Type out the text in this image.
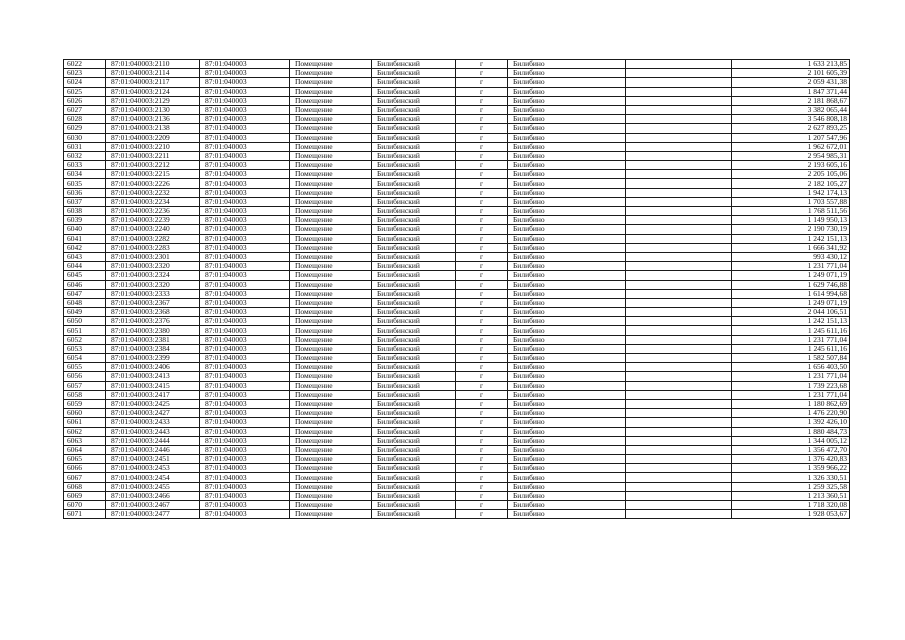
6022	87:01:040003:2110	87:01:040003	Помещение	Билибинский	г	Билибино		1 633 213,85
6023	87:01:040003:2114	87:01:040003	Помещение	Билибинский	г	Билибино		2 101 605,39
6024	87:01:040003:2117	87:01:040003	Помещение	Билибинский	г	Билибино		2 059 431,38
6025	87:01:040003:2124	87:01:040003	Помещение	Билибинский	г	Билибино		1 847 371,44
6026	87:01:040003:2129	87:01:040003	Помещение	Билибинский	г	Билибино		2 181 868,67
6027	87:01:040003:2130	87:01:040003	Помещение	Билибинский	г	Билибино		3 382 065,44
6028	87:01:040003:2136	87:01:040003	Помещение	Билибинский	г	Билибино		3 546 808,18
6029	87:01:040003:2138	87:01:040003	Помещение	Билибинский	г	Билибино		2 627 893,25
6030	87:01:040003:2209	87:01:040003	Помещение	Билибинский	г	Билибино		1 207 547,96
6031	87:01:040003:2210	87:01:040003	Помещение	Билибинский	г	Билибино		1 962 672,01
6032	87:01:040003:2211	87:01:040003	Помещение	Билибинский	г	Билибино		2 954 985,31
6033	87:01:040003:2212	87:01:040003	Помещение	Билибинский	г	Билибино		2 193 605,16
6034	87:01:040003:2215	87:01:040003	Помещение	Билибинский	г	Билибино		2 205 105,06
6035	87:01:040003:2226	87:01:040003	Помещение	Билибинский	г	Билибино		2 182 105,27
6036	87:01:040003:2232	87:01:040003	Помещение	Билибинский	г	Билибино		1 942 174,13
6037	87:01:040003:2234	87:01:040003	Помещение	Билибинский	г	Билибино		1 703 557,88
6038	87:01:040003:2236	87:01:040003	Помещение	Билибинский	г	Билибино		1 768 511,56
6039	87:01:040003:2239	87:01:040003	Помещение	Билибинский	г	Билибино		1 149 950,13
6040	87:01:040003:2240	87:01:040003	Помещение	Билибинский	г	Билибино		2 190 730,19
6041	87:01:040003:2282	87:01:040003	Помещение	Билибинский	г	Билибино		1 242 151,13
6042	87:01:040003:2283	87:01:040003	Помещение	Билибинский	г	Билибино		1 666 341,92
6043	87:01:040003:2301	87:01:040003	Помещение	Билибинский	г	Билибино		993 430,12
6044	87:01:040003:2320	87:01:040003	Помещение	Билибинский	г	Билибино		1 231 771,04
6045	87:01:040003:2324	87:01:040003	Помещение	Билибинский	г	Билибино		1 249 071,19
6046	87:01:040003:2320	87:01:040003	Помещение	Билибинский	г	Билибино		1 629 746,88
6047	87:01:040003:2333	87:01:040003	Помещение	Билибинский	г	Билибино		1 614 994,68
6048	87:01:040003:2367	87:01:040003	Помещение	Билибинский	г	Билибино		1 249 071,19
6049	87:01:040003:2368	87:01:040003	Помещение	Билибинский	г	Билибино		2 044 106,51
6050	87:01:040003:2376	87:01:040003	Помещение	Билибинский	г	Билибино		1 242 151,13
6051	87:01:040003:2380	87:01:040003	Помещение	Билибинский	г	Билибино		1 245 611,16
6052	87:01:040003:2381	87:01:040003	Помещение	Билибинский	г	Билибино		1 231 771,04
6053	87:01:040003:2384	87:01:040003	Помещение	Билибинский	г	Билибино		1 245 611,16
6054	87:01:040003:2399	87:01:040003	Помещение	Билибинский	г	Билибино		1 582 507,84
6055	87:01:040003:2406	87:01:040003	Помещение	Билибинский	г	Билибино		1 656 403,50
6056	87:01:040003:2413	87:01:040003	Помещение	Билибинский	г	Билибино		1 231 771,04
6057	87:01:040003:2415	87:01:040003	Помещение	Билибинский	г	Билибино		1 739 223,68
6058	87:01:040003:2417	87:01:040003	Помещение	Билибинский	г	Билибино		1 231 771,04
6059	87:01:040003:2425	87:01:040003	Помещение	Билибинский	г	Билибино		1 180 862,69
6060	87:01:040003:2427	87:01:040003	Помещение	Билибинский	г	Билибино		1 476 220,90
6061	87:01:040003:2433	87:01:040003	Помещение	Билибинский	г	Билибино		1 392 426,10
6062	87:01:040003:2443	87:01:040003	Помещение	Билибинский	г	Билибино		1 880 484,73
6063	87:01:040003:2444	87:01:040003	Помещение	Билибинский	г	Билибино		1 344 005,12
6064	87:01:040003:2446	87:01:040003	Помещение	Билибинский	г	Билибино		1 356 472,70
6065	87:01:040003:2451	87:01:040003	Помещение	Билибинский	г	Билибино		1 376 420,83
6066	87:01:040003:2453	87:01:040003	Помещение	Билибинский	г	Билибино		1 359 966,22
6067	87:01:040003:2454	87:01:040003	Помещение	Билибинский	г	Билибино		1 326 330,51
6068	87:01:040003:2455	87:01:040003	Помещение	Билибинский	г	Билибино		1 259 325,58
6069	87:01:040003:2466	87:01:040003	Помещение	Билибинский	г	Билибино		1 213 360,51
6070	87:01:040003:2467	87:01:040003	Помещение	Билибинский	г	Билибино		1 718 320,08
6071	87:01:040003:2477	87:01:040003	Помещение	Билибинский	г	Билибино		1 928 053,67
